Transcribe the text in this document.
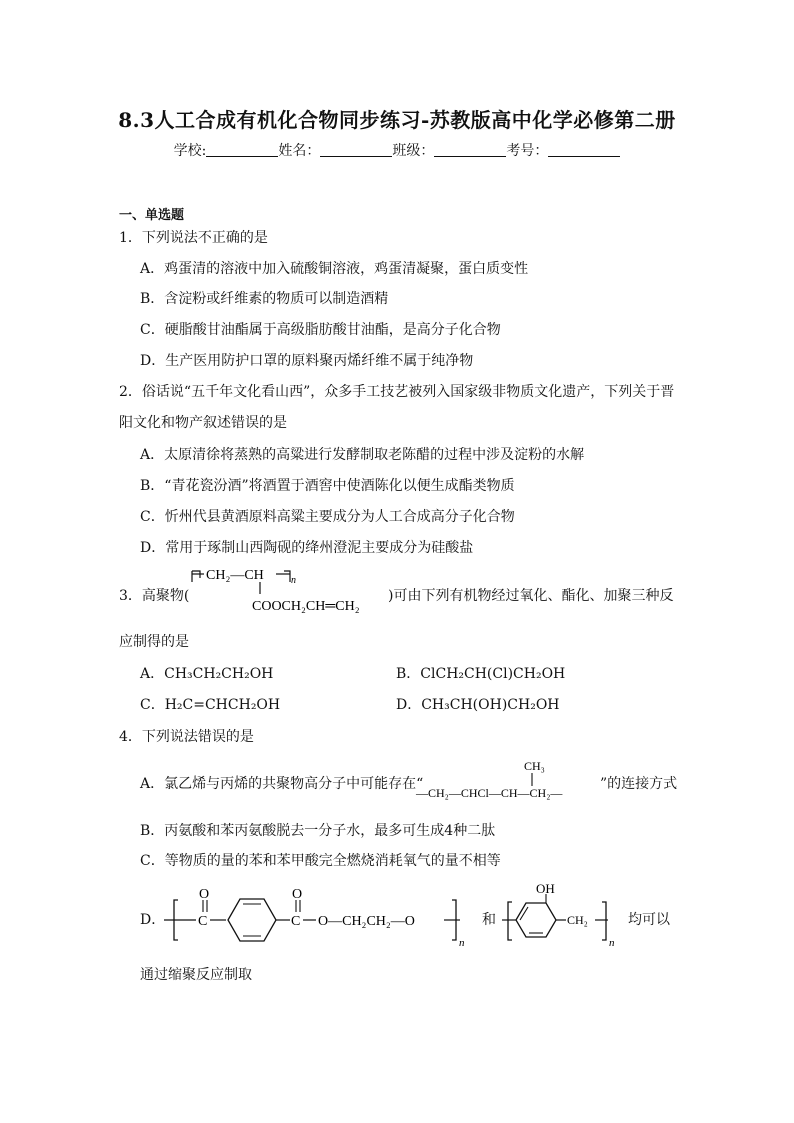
8.3人工合成有机化合物同步练习-苏教版高中化学必修第二册
学校:	姓名：	班级：	考号：
一、单选题
1．下列说法不正确的是
A．鸡蛋清的溶液中加入硫酸铜溶液，鸡蛋清凝聚，蛋白质变性
B．含淀粉或纤维素的物质可以制造酒精
C．硬脂酸甘油酯属于高级脂肪酸甘油酯，是高分子化合物
D．生产医用防护口罩的原料聚丙烯纤维不属于纯净物
2．俗话说“五千年文化看山西”，众多手工技艺被列入国家级非物质文化遗产，下列关于晋
阳文化和物产叙述错误的是
A．太原清徐将蒸熟的高粱进行发酵制取老陈醋的过程中涉及淀粉的水解
B．“青花瓷汾酒”将酒置于酒窖中使酒陈化以便生成酯类物质
C．忻州代县黄酒原料高粱主要成分为人工合成高分子化合物
D．常用于琢制山西陶砚的绛州澄泥主要成分为硅酸盐
3．高聚物(
CH₂—CH	n
COOCH₂CH═CH₂
)可由下列有机物经过氧化、酯化、加聚三种反
应制得的是
A．CH₃CH₂CH₂OH	B．ClCH₂CH(Cl)CH₂OH
C．H₂C=CHCH₂OH	D．CH₃CH(OH)CH₂OH
4．下列说法错误的是
A．氯乙烯与丙烯的共聚物高分子中可能存在“
CH₃
—CH₂—CHCl—CH—CH₂—
”的连接方式
B．丙氨酸和苯丙氨酸脱去一分子水，最多可生成4种二肽
C．等物质的量的苯和苯甲酸完全燃烧消耗氧气的量不相等
D． C
O
C
O
O—CH₂CH₂—O
n
和
OH
CH₂
n
均可以
通过缩聚反应制取
